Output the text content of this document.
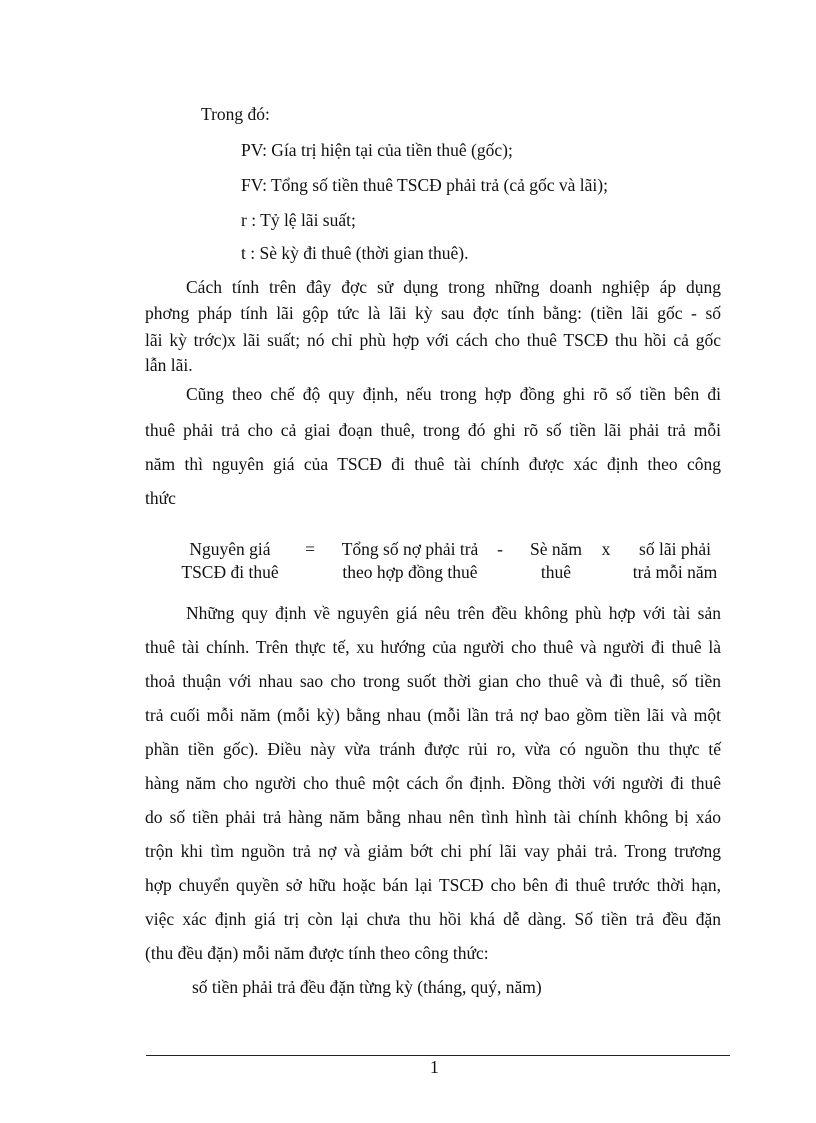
Trong đó:
PV: Gía trị hiện tại của tiền thuê (gốc);
FV: Tổng số tiền thuê TSCĐ phải trả (cả gốc và lãi);
r : Tỷ lệ lãi suất;
t : Sè kỳ đi thuê (thời gian thuê).
Cách tính trên đây đợc sử dụng trong những doanh nghiệp áp dụng
phơng pháp tính lãi gộp tức là lãi kỳ sau đợc tính bằng: (tiền lãi gốc - số
lãi kỳ trớc)x lãi suất; nó chỉ phù hợp với cách cho thuê TSCĐ thu hồi cả gốc
lẫn lãi.
Cũng theo chế độ quy định, nếu trong hợp đồng ghi rõ số tiền bên đi
thuê phải trả cho cả giai đoạn thuê, trong đó ghi rõ số tiền lãi phải trả mỗi
năm thì nguyên giá của TSCĐ đi thuê tài chính được xác định theo công
thức
Nguyên giá
TSCĐ đi thuê
=	Tổng số nợ phải trả
theo hợp đồng thuê
-	Sè năm
thuê
x	số lãi phải
trả mỗi năm
Những quy định về nguyên giá nêu trên đều không phù hợp với tài sản
thuê tài chính. Trên thực tế, xu hướng của người cho thuê và người đi thuê là
thoả thuận với nhau sao cho trong suốt thời gian cho thuê và đi thuê, số tiền
trả cuối mỗi năm (mỗi kỳ) bằng nhau (mỗi lần trả nợ bao gồm tiền lãi và một
phần tiền gốc). Điều này vừa tránh được rủi ro, vừa có nguồn thu thực tế
hàng năm cho người cho thuê một cách ổn định. Đồng thời với người đi thuê
do số tiền phải trả hàng năm bằng nhau nên tình hình tài chính không bị xáo
trộn khi tìm nguồn trả nợ và giảm bớt chi phí lãi vay phải trả. Trong trương
hợp chuyển quyền sở hữu hoặc bán lại TSCĐ cho bên đi thuê trước thời hạn,
việc xác định giá trị còn lại chưa thu hồi khá dễ dàng. Số tiền trả đều đặn
(thu đều đặn) mỗi năm được tính theo công thức:
số tiền phải trả đều đặn từng kỳ (tháng, quý, năm)
1
